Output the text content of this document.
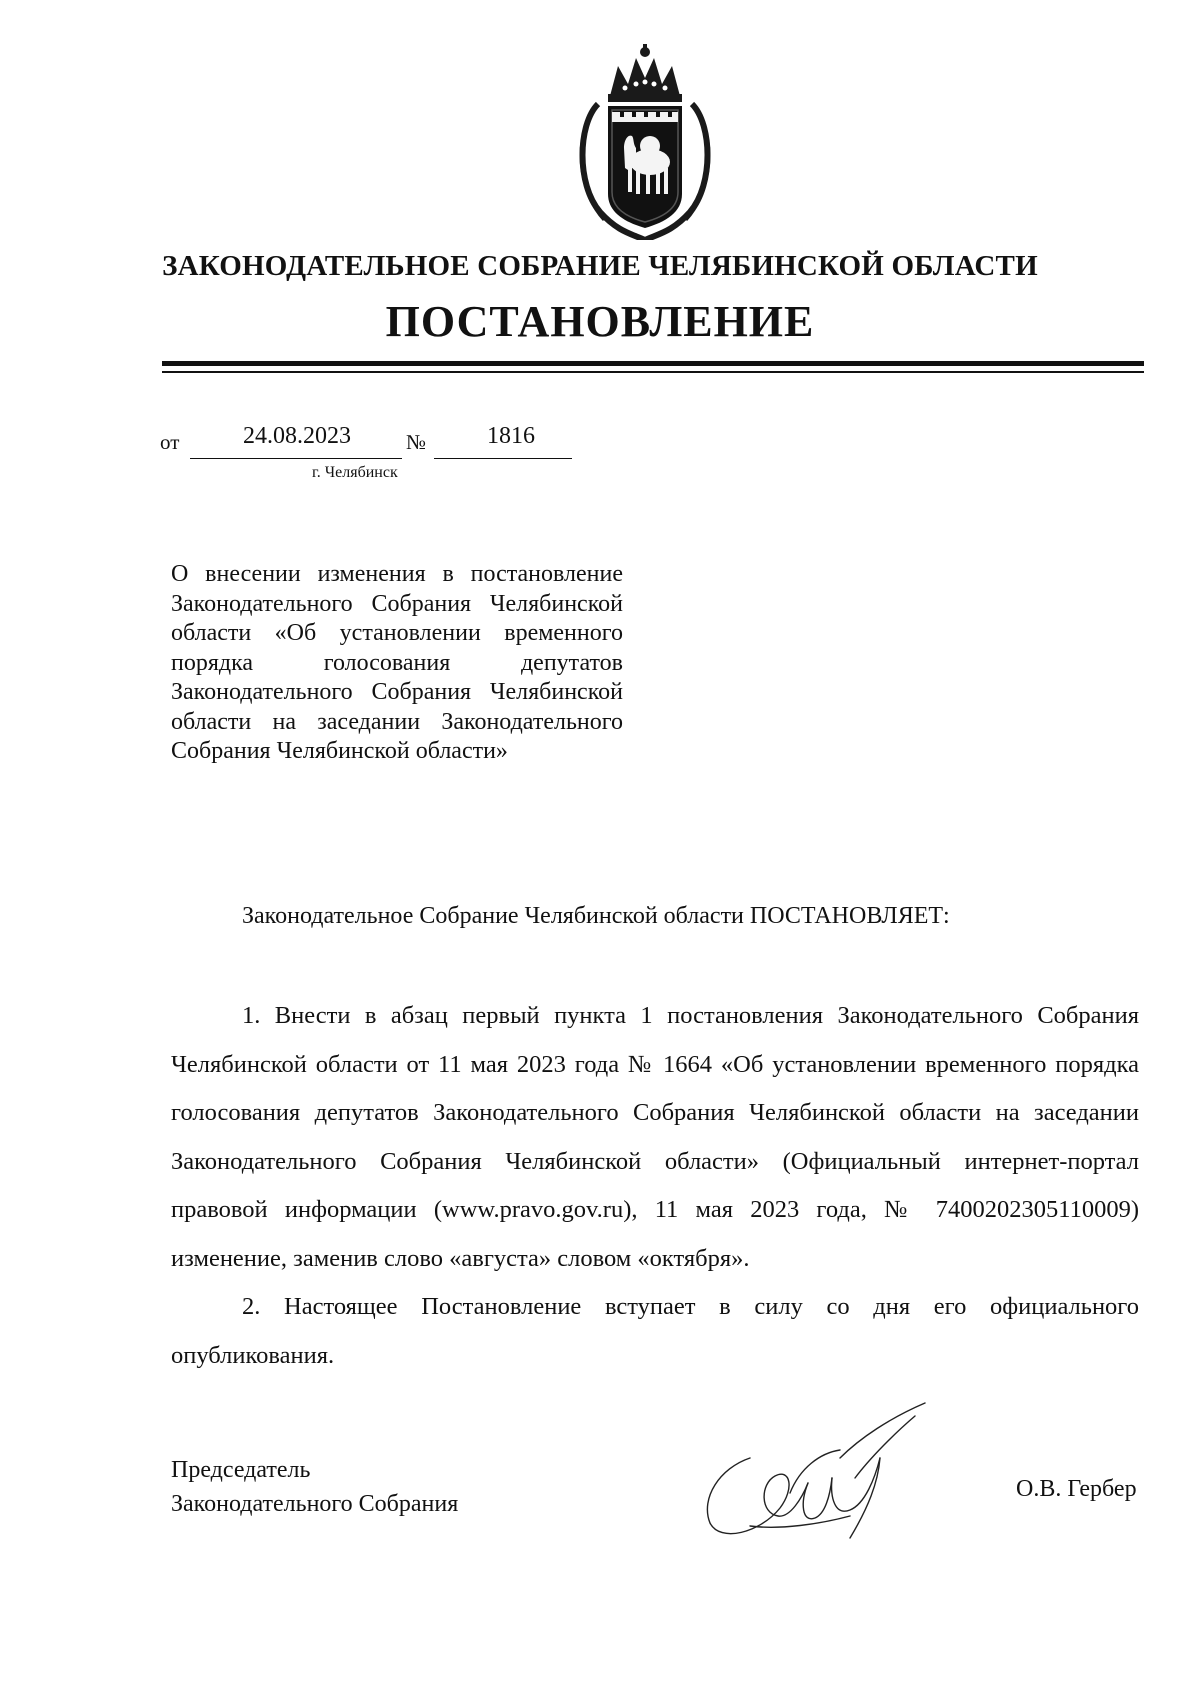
ЗАКОНОДАТЕЛЬНОЕ СОБРАНИЕ ЧЕЛЯБИНСКОЙ ОБЛАСТИ
ПОСТАНОВЛЕНИЕ
от	24.08.2023	№	1816
г. Челябинск

О внесении изменения в постановление Законодательного Собрания Челябинской области «Об установлении временного порядка голосования депутатов Законодательного Собрания Челябинской области на заседании Законодательного Собрания Челябинской области»

Законодательное Собрание Челябинской области ПОСТАНОВЛЯЕТ:

1. Внести в абзац первый пункта 1 постановления Законодательного Собрания Челябинской области от 11 мая 2023 года № 1664 «Об установлении временного порядка голосования депутатов Законодательного Собрания Челябинской области на заседании Законодательного Собрания Челябинской области» (Официальный интернет-портал правовой информации (www.pravo.gov.ru), 11 мая 2023 года, № 7400202305110009) изменение, заменив слово «августа» словом «октября».

2. Настоящее Постановление вступает в силу со дня его официального опубликования.

Председатель
Законодательного Собрания
О.В. Гербер
